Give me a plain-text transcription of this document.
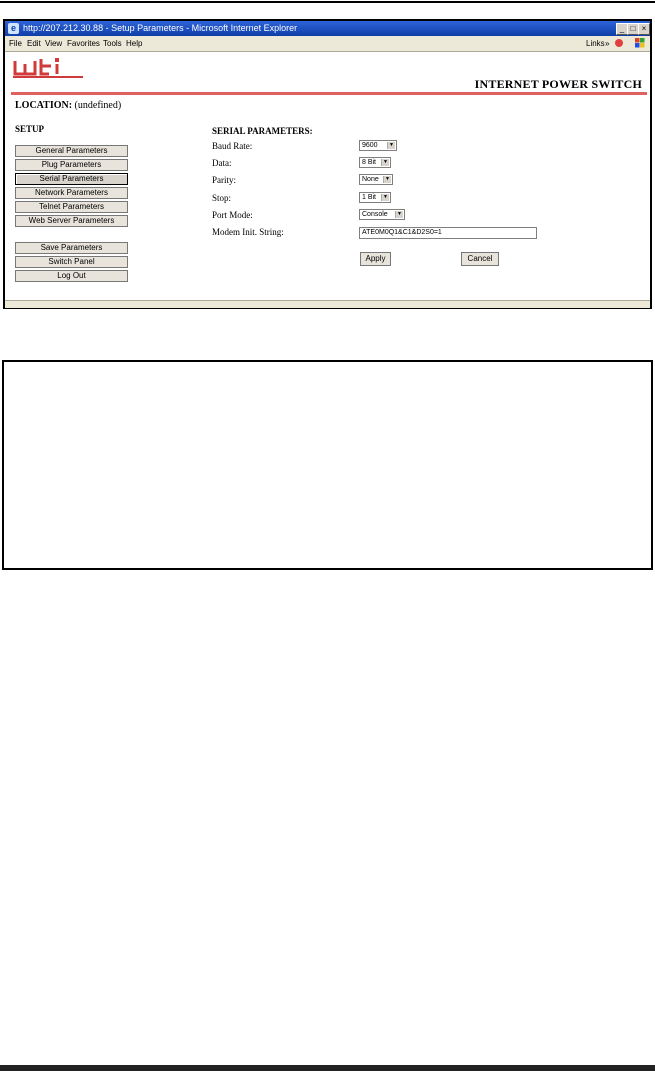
e http://207.212.30.88 - Setup Parameters - Microsoft Internet Explorer	_ □ ×
File Edit View Favorites Tools Help	Links »
INTERNET POWER SWITCH
LOCATION: (undefined)
SETUP
General Parameters
Plug Parameters
Serial Parameters
Network Parameters
Telnet Parameters
Web Server Parameters
Save Parameters
Switch Panel
Log Out
SERIAL PARAMETERS:
Baud Rate:	9600	▼
Data:	8 Bit	▼
Parity:	None	▼
Stop:	1 Bit	▼
Port Mode:	Console	▼
Modem Init. String:	ATE0M0Q1&C1&D2S0=1
Apply	Cancel
